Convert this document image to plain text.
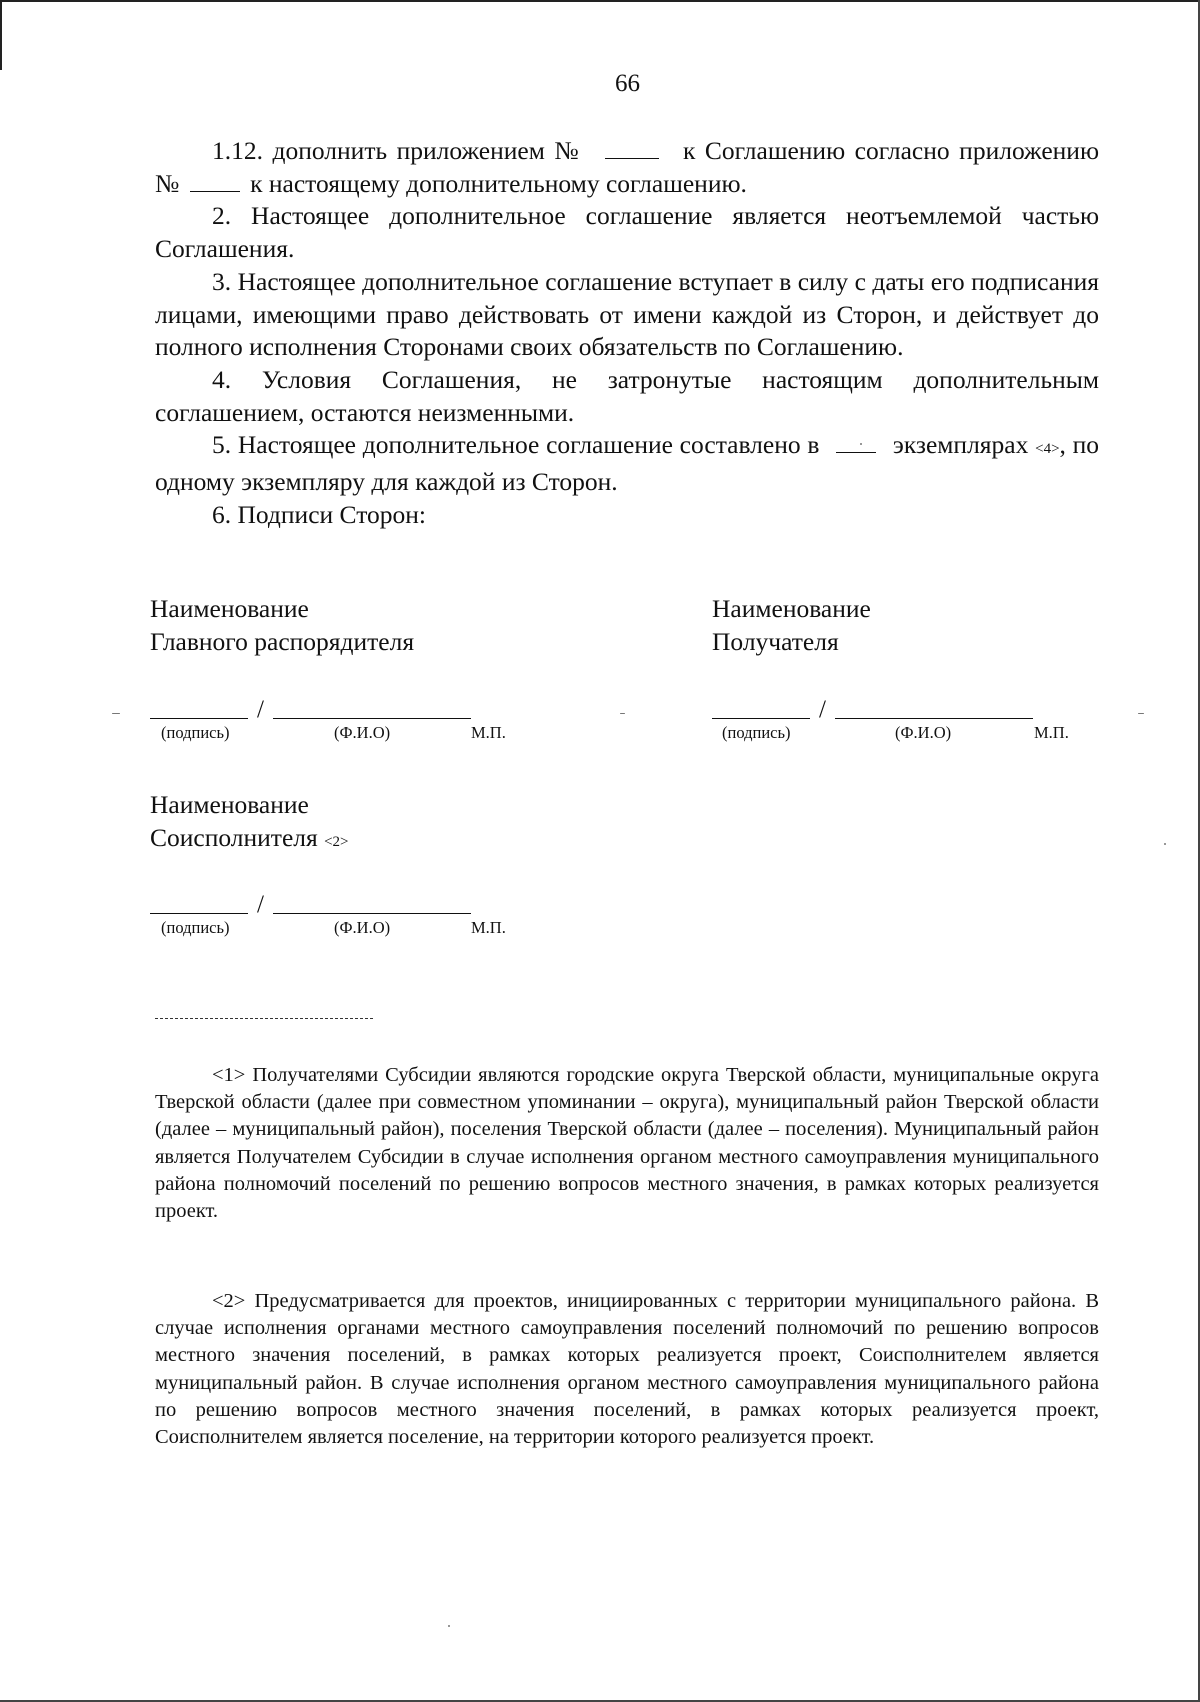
66

1.12. дополнить приложением №	к Соглашению согласно приложению №	к настоящему дополнительному соглашению.

2. Настоящее дополнительное соглашение является неотъемлемой частью Соглашения.

3. Настоящее дополнительное соглашение вступает в силу с даты его подписания лицами, имеющими право действовать от имени каждой из Сторон, и действует до полного исполнения Сторонами своих обязательств по Соглашению.

4. Условия Соглашения, не затронутые настоящим дополнительным соглашением, остаются неизменными.

5. Настоящее дополнительное соглашение составлено в	экземплярах <4>, по одному экземпляру для каждой из Сторон.

6. Подписи Сторон:

Наименование
Главного распорядителя
/
(подпись)	(Ф.И.О)	М.П.
Наименование
Получателя
/
(подпись)	(Ф.И.О)	М.П.
Наименование
Соисполнителя <2>
/
(подпись)	(Ф.И.О)	М.П.

<1> Получателями Субсидии являются городские округа Тверской области, муниципальные округа Тверской области (далее при совместном упоминании – округа), муниципальный район Тверской области (далее – муниципальный район), поселения Тверской области (далее – поселения). Муниципальный район является Получателем Субсидии в случае исполнения органом местного самоуправления муниципального района полномочий поселений по решению вопросов местного значения, в рамках которых реализуется проект.

<2> Предусматривается для проектов, инициированных с территории муниципального района. В случае исполнения органами местного самоуправления поселений полномочий по решению вопросов местного значения поселений, в рамках которых реализуется проект, Соисполнителем является муниципальный район. В случае исполнения органом местного самоуправления муниципального района по решению вопросов местного значения поселений, в рамках которых реализуется проект, Соисполнителем является поселение, на территории которого реализуется проект.
